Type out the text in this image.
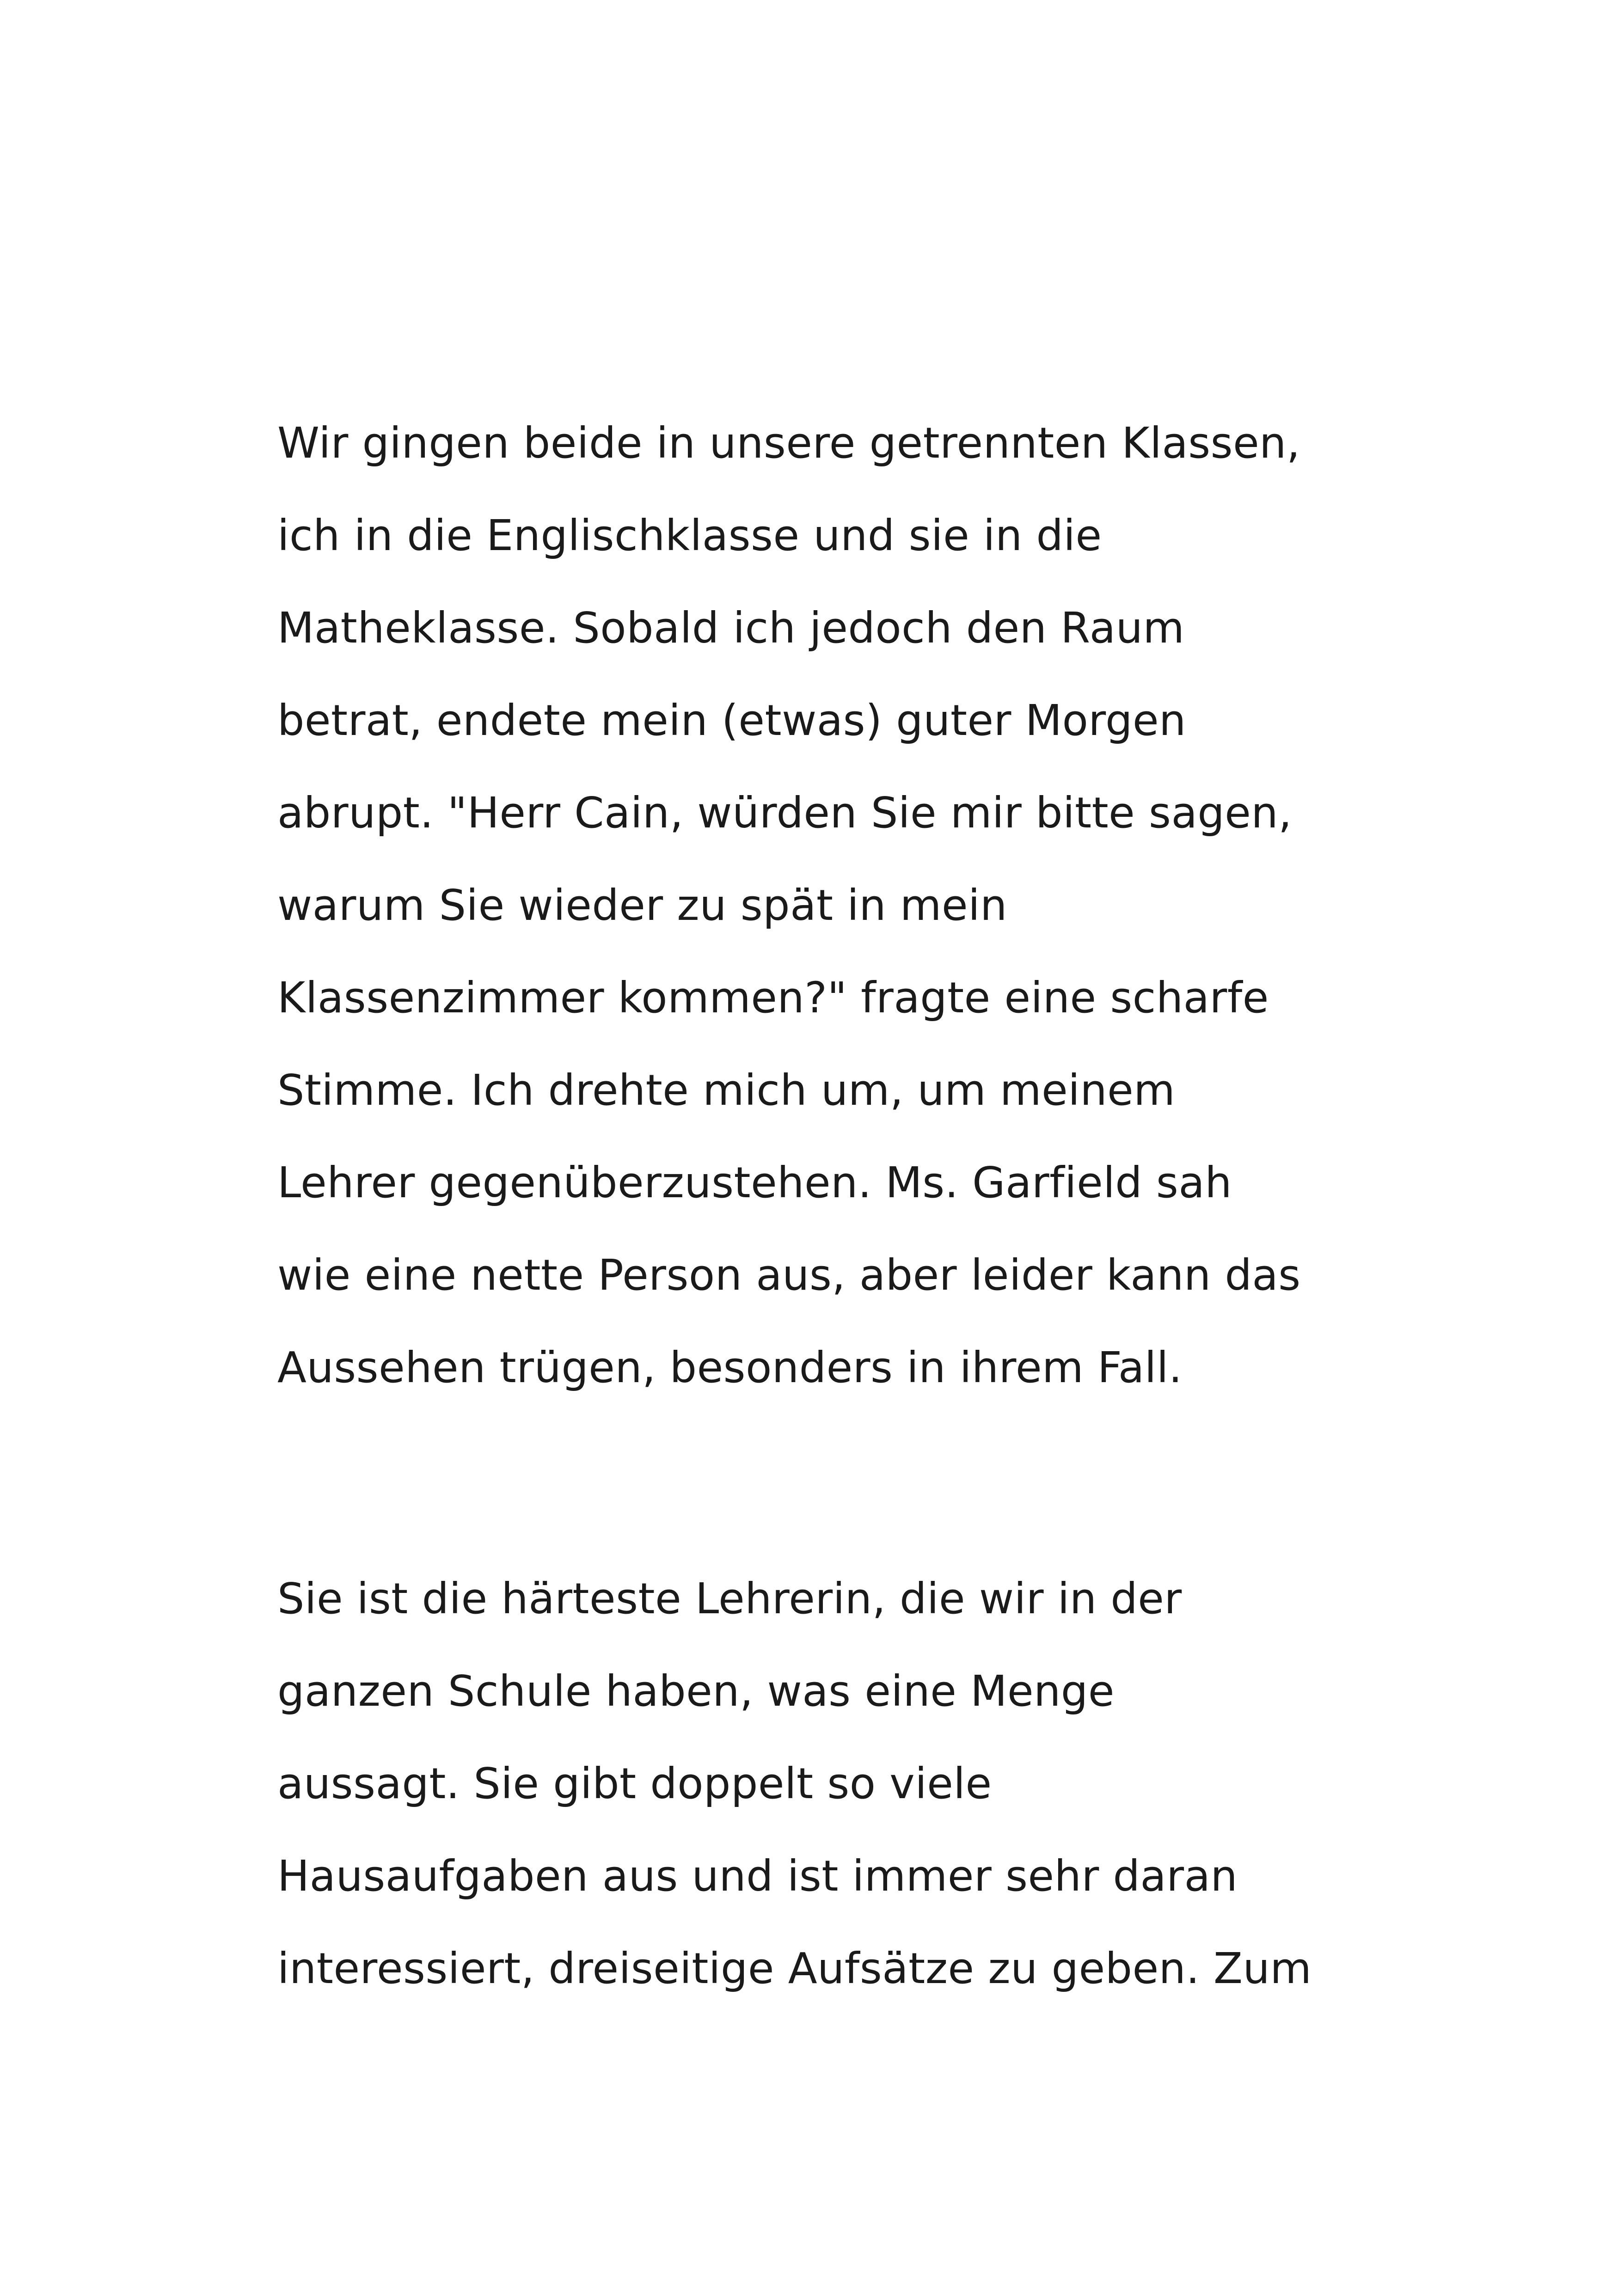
Wir gingen beide in unsere getrennten Klassen,
ich in die Englischklasse und sie in die
Matheklasse. Sobald ich jedoch den Raum
betrat, endete mein (etwas) guter Morgen
abrupt. "Herr Cain, würden Sie mir bitte sagen,
warum Sie wieder zu spät in mein
Klassenzimmer kommen?" fragte eine scharfe
Stimme. Ich drehte mich um, um meinem
Lehrer gegenüberzustehen. Ms. Garfield sah
wie eine nette Person aus, aber leider kann das
Aussehen trügen, besonders in ihrem Fall.
Sie ist die härteste Lehrerin, die wir in der
ganzen Schule haben, was eine Menge
aussagt. Sie gibt doppelt so viele
Hausaufgaben aus und ist immer sehr daran
interessiert, dreiseitige Aufsätze zu geben. Zum
